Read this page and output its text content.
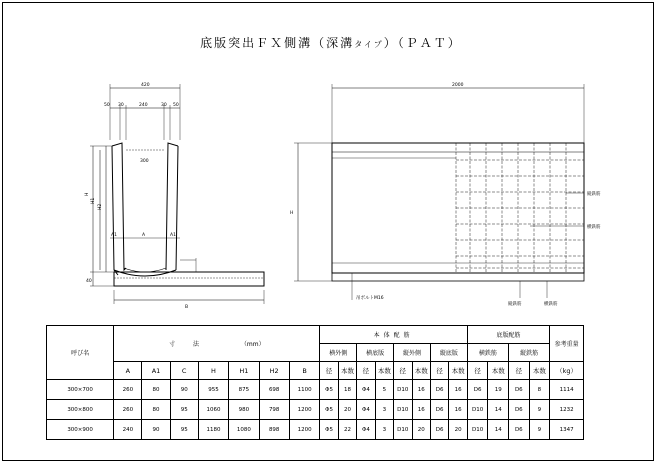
底版突出ＦＸ側溝（深溝タイプ）（ＰＡＴ）
420
50 30	240	30 50
300
H1
H2
H
A1	A	A1
B
40
2000
H
縦鉄筋
横鉄筋
吊ボルトM16
縦鉄筋	横鉄筋
呼び名	寸　　　法 （mm）							本体配筋								底版配筋				参考重量
								横外側		横底版		縦外側		縦底版		横鉄筋		縦鉄筋		
	A	A1	C	H	H1	H2	B	径	本数	径	本数	径	本数	径	本数	径	本数	径	本数	（kg）
300×700	260	80	90	955	875	698	1100	Φ5	18	Φ4	5	D10	16	D6	16	D6	19	D6	8	1114
300×800	260	80	95	1060	980	798	1200	Φ5	20	Φ4	3	D10	16	D6	16	D10	14	D6	9	1232
300×900	240	90	95	1180	1080	898	1200	Φ5	22	Φ4	3	D10	20	D6	20	D10	14	D6	9	1347
